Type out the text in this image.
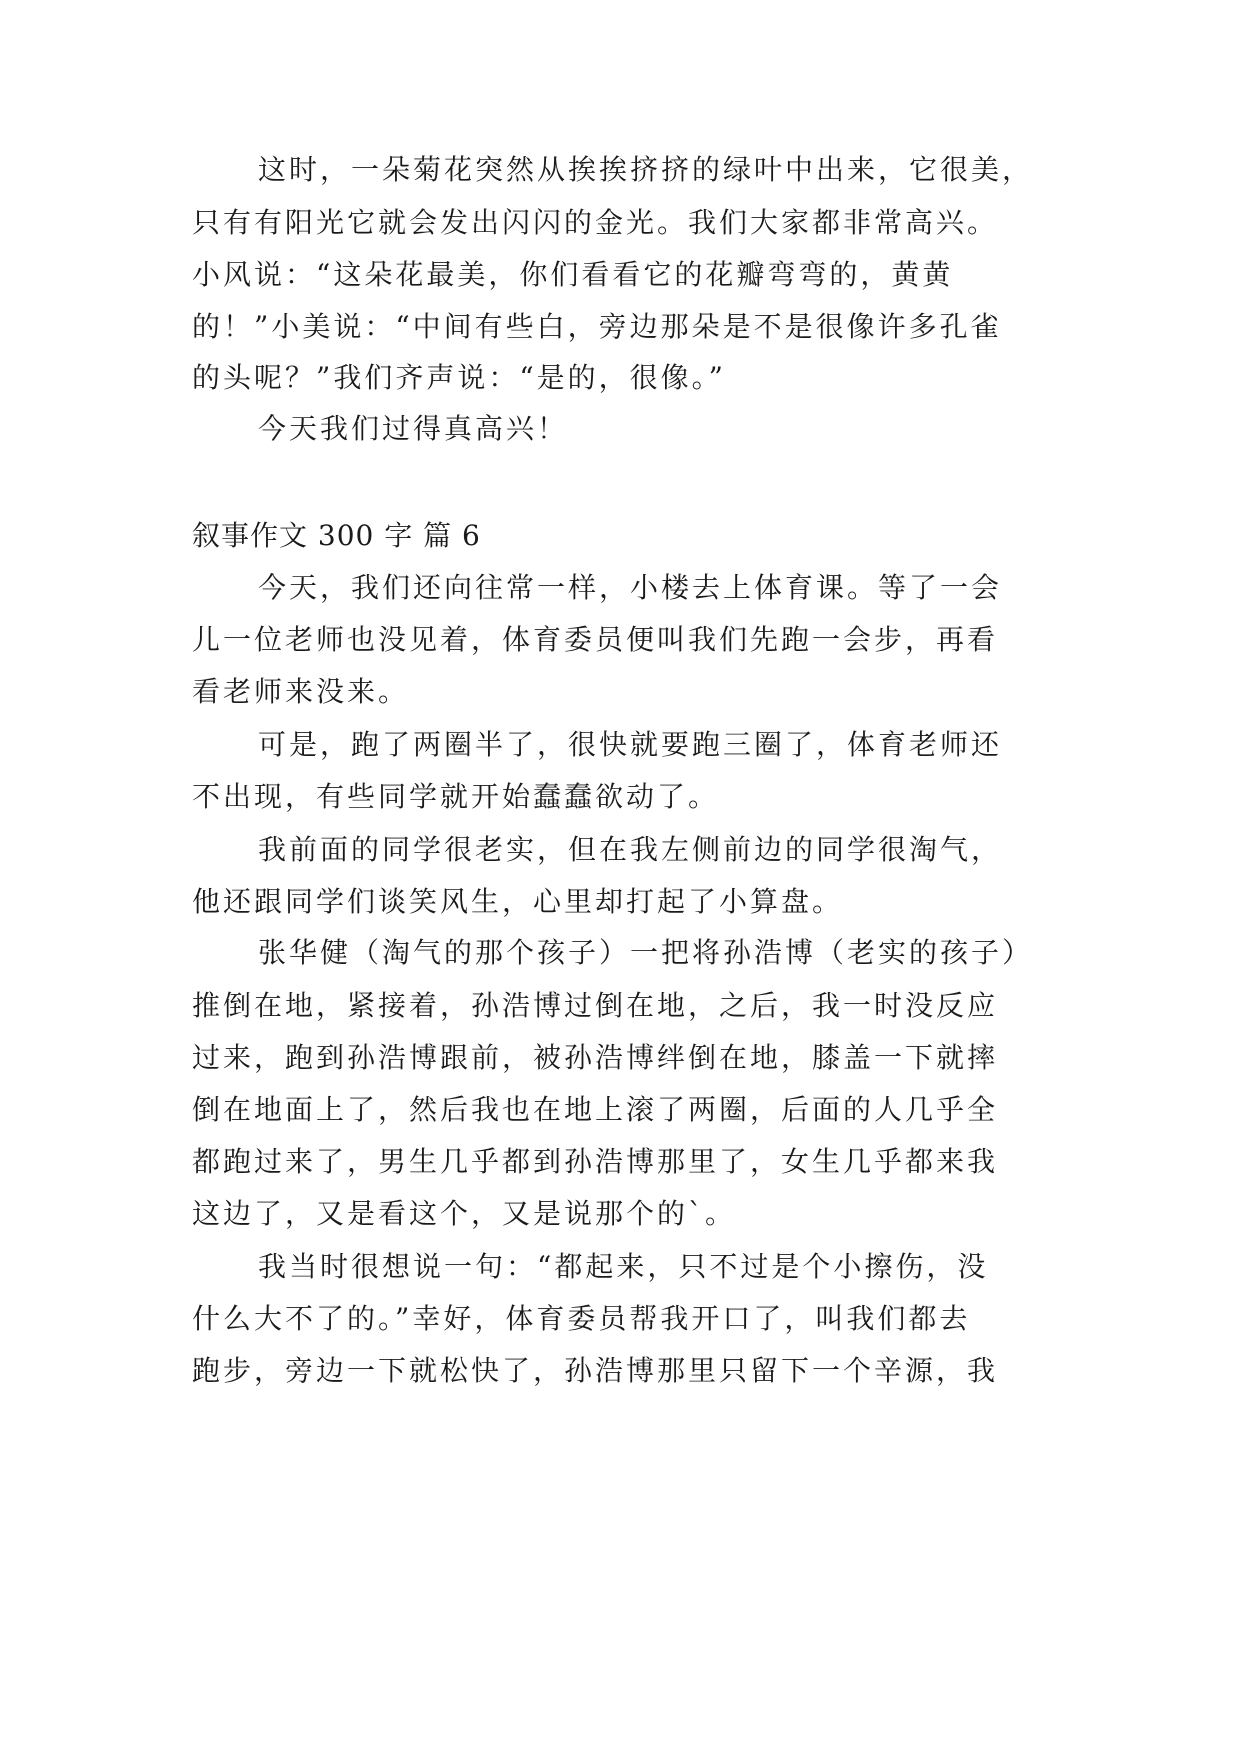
这时，一朵菊花突然从挨挨挤挤的绿叶中出来，它很美，
只有有阳光它就会发出闪闪的金光。我们大家都非常高兴。
小风说：“这朵花最美，你们看看它的花瓣弯弯的，黄黄
的！”小美说：“中间有些白，旁边那朵是不是很像许多孔雀
的头呢？”我们齐声说：“是的，很像。”
今天我们过得真高兴！
叙事作文 300 字 篇 6
今天，我们还向往常一样，小楼去上体育课。等了一会
儿一位老师也没见着，体育委员便叫我们先跑一会步，再看
看老师来没来。
可是，跑了两圈半了，很快就要跑三圈了，体育老师还
不出现，有些同学就开始蠢蠢欲动了。
我前面的同学很老实，但在我左侧前边的同学很淘气，
他还跟同学们谈笑风生，心里却打起了小算盘。
张华健（淘气的那个孩子）一把将孙浩博（老实的孩子）
推倒在地，紧接着，孙浩博过倒在地，之后，我一时没反应
过来，跑到孙浩博跟前，被孙浩博绊倒在地，膝盖一下就摔
倒在地面上了，然后我也在地上滚了两圈，后面的人几乎全
都跑过来了，男生几乎都到孙浩博那里了，女生几乎都来我
这边了，又是看这个，又是说那个的`。
我当时很想说一句：“都起来，只不过是个小擦伤，没
什么大不了的。”幸好，体育委员帮我开口了，叫我们都去
跑步，旁边一下就松快了，孙浩博那里只留下一个辛源，我
